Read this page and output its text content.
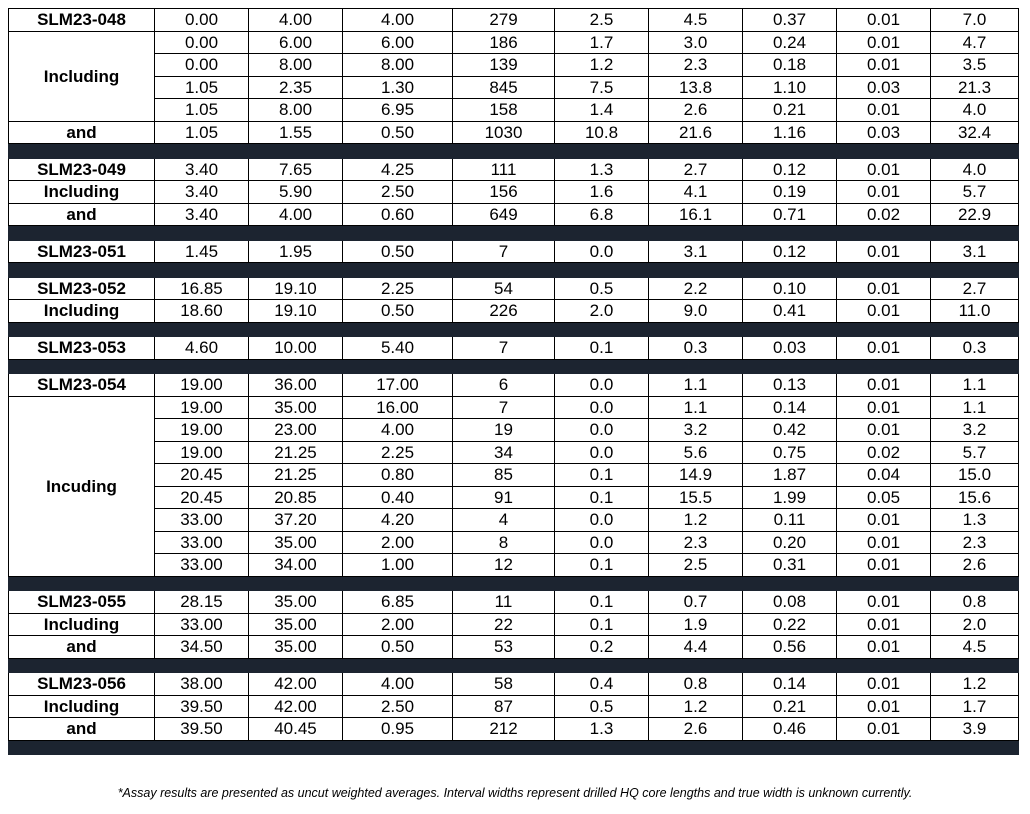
SLM23-048	0.00	4.00	4.00	279	2.5	4.5	0.37	0.01	7.0
Including	0.00	6.00	6.00	186	1.7	3.0	0.24	0.01	4.7
	0.00	8.00	8.00	139	1.2	2.3	0.18	0.01	3.5
	1.05	2.35	1.30	845	7.5	13.8	1.10	0.03	21.3
	1.05	8.00	6.95	158	1.4	2.6	0.21	0.01	4.0
and	1.05	1.55	0.50	1030	10.8	21.6	1.16	0.03	32.4

SLM23-049	3.40	7.65	4.25	111	1.3	2.7	0.12	0.01	4.0
Including	3.40	5.90	2.50	156	1.6	4.1	0.19	0.01	5.7
and	3.40	4.00	0.60	649	6.8	16.1	0.71	0.02	22.9

SLM23-051	1.45	1.95	0.50	7	0.0	3.1	0.12	0.01	3.1

SLM23-052	16.85	19.10	2.25	54	0.5	2.2	0.10	0.01	2.7
Including	18.60	19.10	0.50	226	2.0	9.0	0.41	0.01	11.0

SLM23-053	4.60	10.00	5.40	7	0.1	0.3	0.03	0.01	0.3

SLM23-054	19.00	36.00	17.00	6	0.0	1.1	0.13	0.01	1.1
Incuding	19.00	35.00	16.00	7	0.0	1.1	0.14	0.01	1.1
	19.00	23.00	4.00	19	0.0	3.2	0.42	0.01	3.2
	19.00	21.25	2.25	34	0.0	5.6	0.75	0.02	5.7
	20.45	21.25	0.80	85	0.1	14.9	1.87	0.04	15.0
	20.45	20.85	0.40	91	0.1	15.5	1.99	0.05	15.6
	33.00	37.20	4.20	4	0.0	1.2	0.11	0.01	1.3
	33.00	35.00	2.00	8	0.0	2.3	0.20	0.01	2.3
	33.00	34.00	1.00	12	0.1	2.5	0.31	0.01	2.6

SLM23-055	28.15	35.00	6.85	11	0.1	0.7	0.08	0.01	0.8
Including	33.00	35.00	2.00	22	0.1	1.9	0.22	0.01	2.0
and	34.50	35.00	0.50	53	0.2	4.4	0.56	0.01	4.5

SLM23-056	38.00	42.00	4.00	58	0.4	0.8	0.14	0.01	1.2
Including	39.50	42.00	2.50	87	0.5	1.2	0.21	0.01	1.7
and	39.50	40.45	0.95	212	1.3	2.6	0.46	0.01	3.9

*Assay results are presented as uncut weighted averages. Interval widths represent drilled HQ core lengths and true width is unknown currently.
